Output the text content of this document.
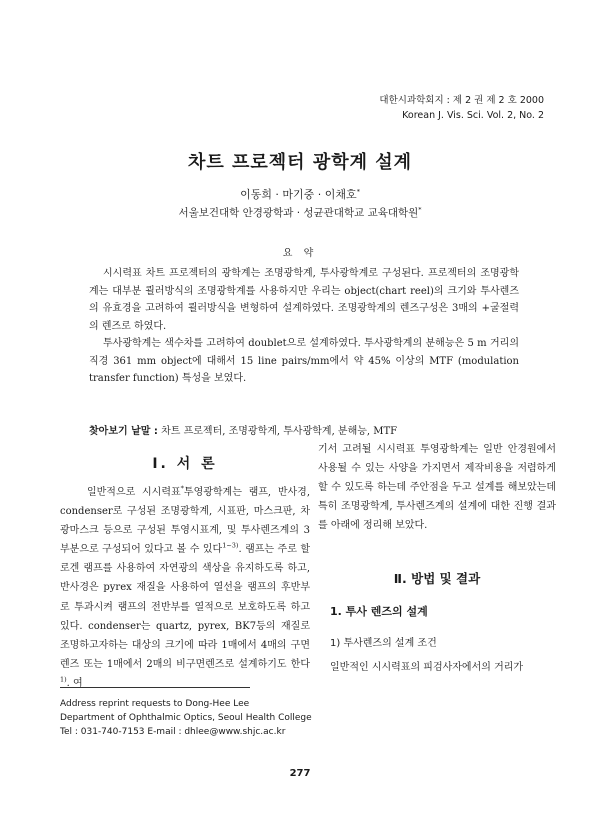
대한시과학회지 : 제 2 권 제 2 호 2000
Korean J. Vis. Sci. Vol. 2, No. 2
차트 프로젝터 광학계 설계
이동희 · 마기중 · 이채호*
서울보건대학 안경광학과 · 성균관대학교 교육대학원*
요 약

시시력표 차트 프로젝터의 광학계는 조명광학계, 투사광학계로 구성된다. 프로젝터의 조명광학계는 대부분 쾰러방식의 조명광학계를 사용하지만 우리는 object(chart reel)의 크기와 투사렌즈의 유효경을 고려하여 쾰러방식을 변형하여 설계하였다. 조명광학계의 렌즈구성은 3매의 +굴절력의 렌즈로 하였다.

투사광학계는 색수차를 고려하여 doublet으로 설계하였다. 투사광학계의 분해능은 5 m 거리의 직경 361 mm object에 대해서 15 line pairs/mm에서 약 45% 이상의 MTF (modulation transfer function) 특성을 보였다.

찾아보기 낱말 : 차트 프로젝터, 조명광학계, 투사광학계, 분해능, MTF
Ⅰ. 서 론

일반적으로 시시력표*투영광학계는 램프, 반사경, condenser로 구성된 조명광학계, 시표판, 마스크판, 차광마스크 등으로 구성된 투영시표계, 및 투사렌즈계의 3부분으로 구성되어 있다고 볼 수 있다$^{1\sim 3)}$. 램프는 주로 할로겐 램프를 사용하여 자연광의 색상을 유지하도록 하고, 반사경은 pyrex 재질을 사용하여 열선을 램프의 후반부로 투과시켜 램프의 전반부를 열적으로 보호하도록 하고 있다. condenser는 quartz, pyrex, BK7등의 재질로 조명하고자하는 대상의 크기에 따라 1매에서 4매의 구면렌즈 또는 1매에서 2매의 비구면렌즈로 설계하기도 한다$^{1)}$. 여

기서 고려될 시시력표 투영광학계는 일반 안경원에서 사용될 수 있는 사양을 가지면서 제작비용을 저렴하게 할 수 있도록 하는데 주안점을 두고 설계를 해보았는데 특히 조명광학계, 투사렌즈계의 설계에 대한 진행 결과를 아래에 정리해 보았다.

Ⅱ. 방법 및 결과
1. 투사 렌즈의 설계
1) 투사렌즈의 설계 조건
일반적인 시시력표의 피검사자에서의 거리가
Address reprint requests to Dong-Hee Lee
Department of Ophthalmic Optics, Seoul Health College
Tel : 031-740-7153 E-mail : dhlee@www.shjc.ac.kr
277
